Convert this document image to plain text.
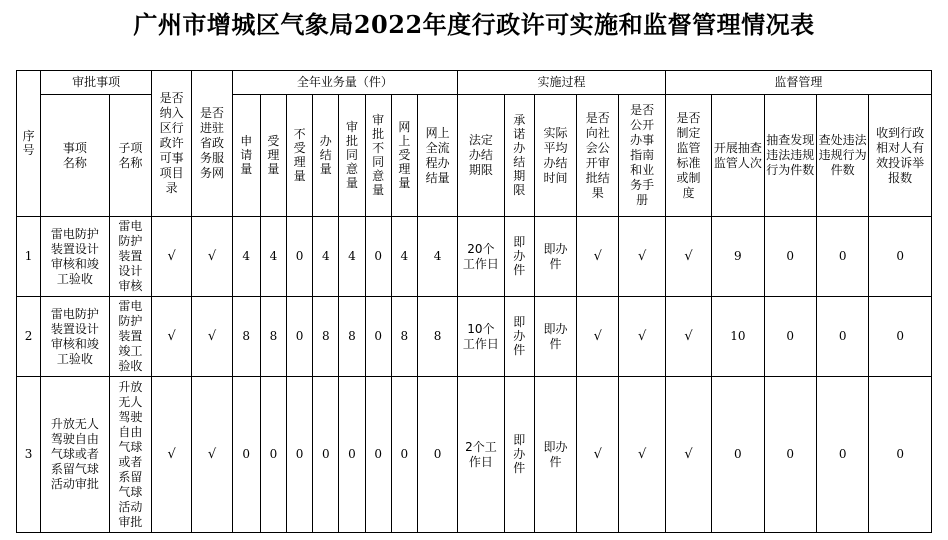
广州市增城区气象局2022年度行政许可实施和监督管理情况表
序号	审批事项		是否纳入区行政许可事项目录	是否进驻省政务服务网	全年业务量（件）								实施过程					监督管理				
	事项名称	子项名称			申请量	受理量	不受理量	办结量	审批同意量	审批不同意量	网上受理量	网上全流程办结量	法定办结期限	承诺办结期限	实际平均办结时间	是否向社会公开审批结果	是否公开办事指南和业务手册	是否制定监管标准或制度	开展抽查监管人次	抽查发现违法违规行为件数	查处违法违规行为件数	收到行政相对人有效投诉举报数
1	雷电防护装置设计审核和竣工验收	雷电防护装置设计审核	√	√	4	4	0	4	4	0	4	4	20个工作日	即办件	即办件	√	√	√	9	0	0	0
2	雷电防护装置设计审核和竣工验收	雷电防护装置竣工验收	√	√	8	8	0	8	8	0	8	8	10个工作日	即办件	即办件	√	√	√	10	0	0	0
3	升放无人驾驶自由气球或者系留气球活动审批	升放无人驾驶自由气球或者系留气球活动审批	√	√	0	0	0	0	0	0	0	0	2个工作日	即办件	即办件	√	√	√	0	0	0	0
